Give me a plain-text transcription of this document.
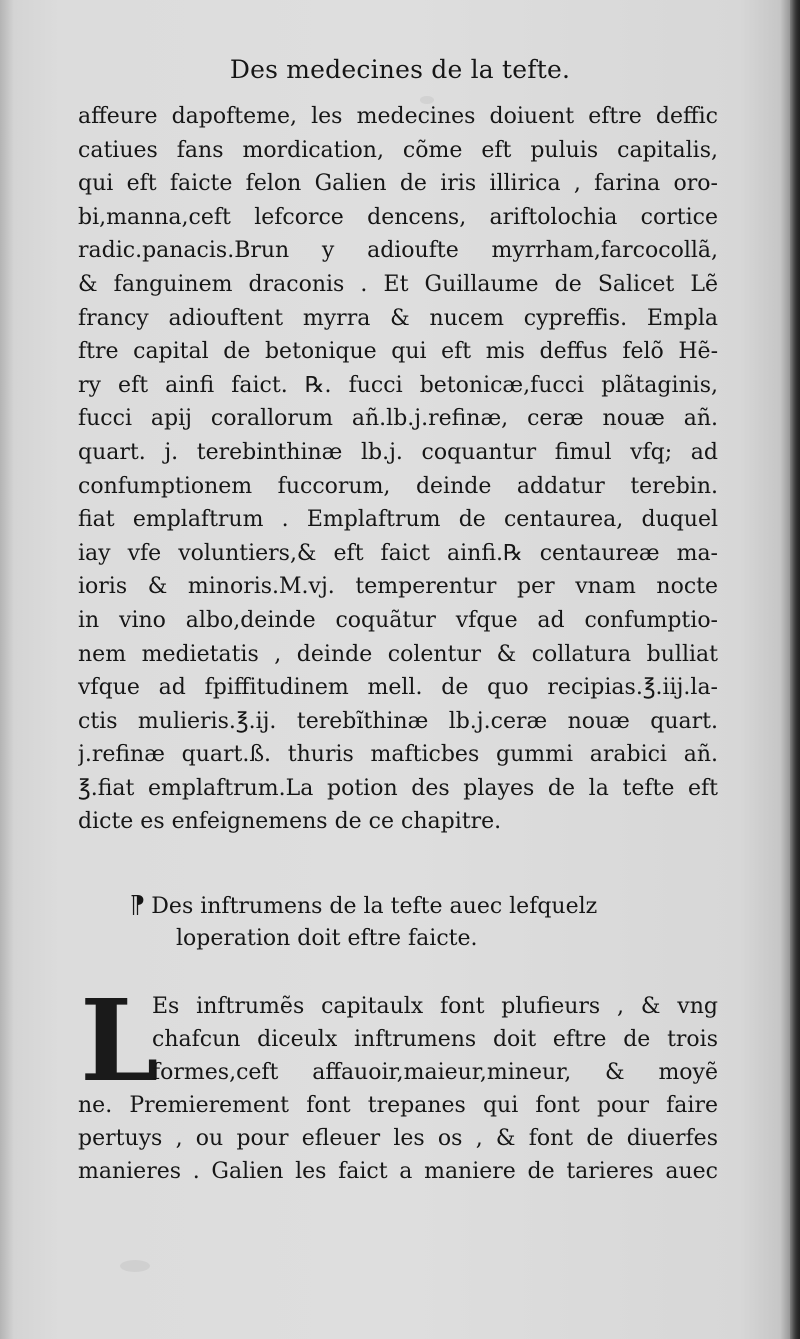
Des medecines de la tefte.
affeure dapofteme, les medecines doiuent eftre deffic
catiues fans mordication, cõme eft puluis capitalis,
qui eft faicte felon Galien de iris illirica , farina oro-
bi,manna,ceft lefcorce dencens, ariftolochia cortice
radic.panacis.Brun y adioufte myrrham,farcocollã,
& fanguinem draconis . Et Guillaume de Salicet Lẽ
francy adiouftent myrra & nucem cypreffis. Empla
ftre capital de betonique qui eft mis deffus felõ Hẽ-
ry eft ainfi faict. ℞. fucci betonicæ,fucci plãtaginis,
fucci apij corallorum añ.lb.j.refinæ, ceræ nouæ añ.
quart. j. terebinthinæ lb.j. coquantur fimul vfq; ad
confumptionem fuccorum, deinde addatur terebin.
fiat emplaftrum . Emplaftrum de centaurea, duquel
iay vfe voluntiers,& eft faict ainfi.℞ centaureæ ma-
ioris & minoris.M.vj. temperentur per vnam nocte
in vino albo,deinde coquãtur vfque ad confumptio-
nem medietatis , deinde colentur & collatura bulliat
vfque ad fpiffitudinem mell. de quo recipias.℥.iij.la-
ctis mulieris.℥.ij. terebĩthinæ lb.j.ceræ nouæ quart.
j.refinæ quart.ß. thuris mafticbes gummi arabici añ.
℥.fiat emplaftrum.La potion des playes de la tefte eft
dicte es enfeignemens de ce chapitre.
¶ Des inftrumens de la tefte auec lefquelz
loperation doit eftre faicte.
L
Es inftrumẽs capitaulx font plufieurs , & vng
chafcun diceulx inftrumens doit eftre de trois
formes,ceft affauoir,maieur,mineur, & moyẽ
ne. Premierement font trepanes qui font pour faire
pertuys , ou pour efleuer les os , & font de diuerfes
manieres . Galien les faict a maniere de tarieres auec
